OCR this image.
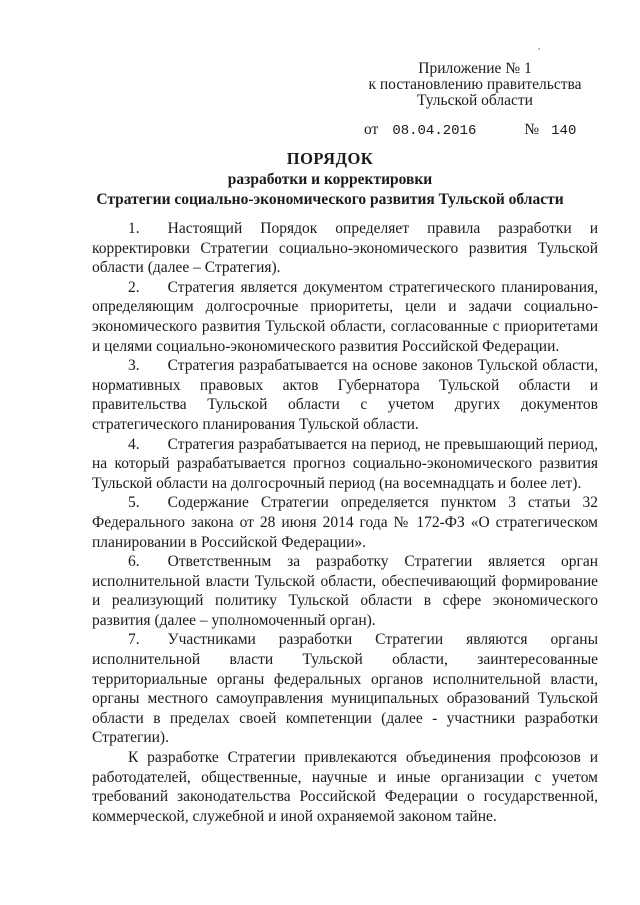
Приложение № 1
к постановлению правительства
Тульской области
от 08.04.2016	№ 140
ПОРЯДОК
разработки и корректировки
Стратегии социально-экономического развития Тульской области

1. Настоящий Порядок определяет правила разработки и корректировки Стратегии социально-экономического развития Тульской области (далее – Стратегия).

2. Стратегия является документом стратегического планирования, определяющим долгосрочные приоритеты, цели и задачи социально-экономического развития Тульской области, согласованные с приоритетами и целями социально-экономического развития Российской Федерации.

3. Стратегия разрабатывается на основе законов Тульской области, нормативных правовых актов Губернатора Тульской области и правительства Тульской области с учетом других документов стратегического планирования Тульской области.

4. Стратегия разрабатывается на период, не превышающий период, на который разрабатывается прогноз социально-экономического развития Тульской области на долгосрочный период (на восемнадцать и более лет).

5. Содержание Стратегии определяется пунктом 3 статьи 32 Федерального закона от 28 июня 2014 года № 172-ФЗ «О стратегическом планировании в Российской Федерации».

6. Ответственным за разработку Стратегии является орган исполнительной власти Тульской области, обеспечивающий формирование и реализующий политику Тульской области в сфере экономического развития (далее – уполномоченный орган).

7. Участниками разработки Стратегии являются органы исполнительной власти Тульской области, заинтересованные территориальные органы федеральных органов исполнительной власти, органы местного самоуправления муниципальных образований Тульской области в пределах своей компетенции (далее - участники разработки Стратегии).

К разработке Стратегии привлекаются объединения профсоюзов и работодателей, общественные, научные и иные организации с учетом требований законодательства Российской Федерации о государственной, коммерческой, служебной и иной охраняемой законом тайне.
